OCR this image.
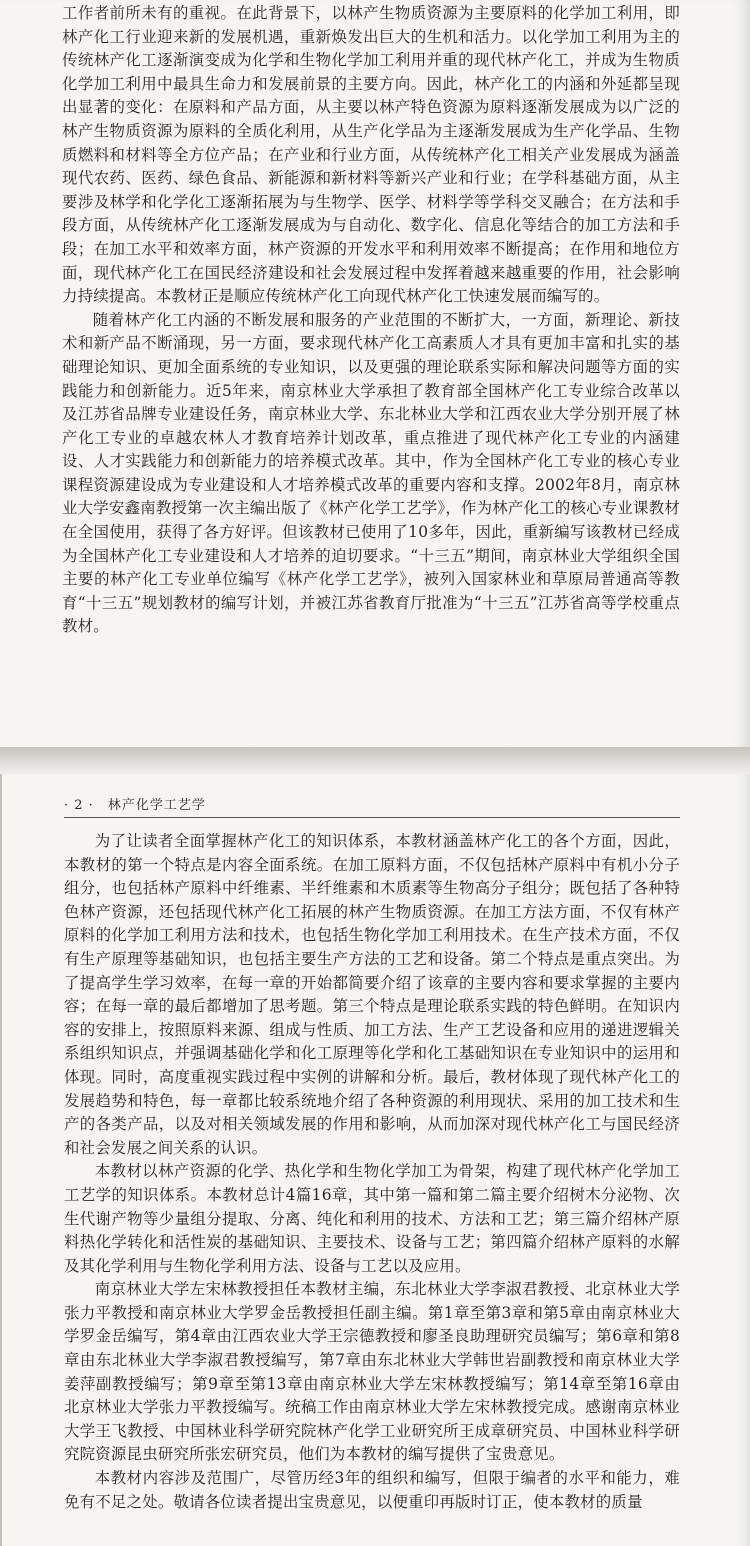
工作者前所未有的重视。在此背景下，以林产生物质资源为主要原料的化学加工利用，即林产化工行业迎来新的发展机遇，重新焕发出巨大的生机和活力。以化学加工利用为主的传统林产化工逐渐演变成为化学和生物化学加工利用并重的现代林产化工，并成为生物质化学加工利用中最具生命力和发展前景的主要方向。因此，林产化工的内涵和外延都呈现出显著的变化：在原料和产品方面，从主要以林产特色资源为原料逐渐发展成为以广泛的林产生物质资源为原料的全质化利用，从生产化学品为主逐渐发展成为生产化学品、生物质燃料和材料等全方位产品；在产业和行业方面，从传统林产化工相关产业发展成为涵盖现代农药、医药、绿色食品、新能源和新材料等新兴产业和行业；在学科基础方面，从主要涉及林学和化学化工逐渐拓展为与生物学、医学、材料学等学科交叉融合；在方法和手段方面，从传统林产化工逐渐发展成为与自动化、数字化、信息化等结合的加工方法和手段；在加工水平和效率方面，林产资源的开发水平和利用效率不断提高；在作用和地位方面，现代林产化工在国民经济建设和社会发展过程中发挥着越来越重要的作用，社会影响力持续提高。本教材正是顺应传统林产化工向现代林产化工快速发展而编写的。

随着林产化工内涵的不断发展和服务的产业范围的不断扩大，一方面，新理论、新技术和新产品不断涌现，另一方面，要求现代林产化工高素质人才具有更加丰富和扎实的基础理论知识、更加全面系统的专业知识，以及更强的理论联系实际和解决问题等方面的实践能力和创新能力。近5年来，南京林业大学承担了教育部全国林产化工专业综合改革以及江苏省品牌专业建设任务，南京林业大学、东北林业大学和江西农业大学分别开展了林产化工专业的卓越农林人才教育培养计划改革，重点推进了现代林产化工专业的内涵建设、人才实践能力和创新能力的培养模式改革。其中，作为全国林产化工专业的核心专业课程资源建设成为专业建设和人才培养模式改革的重要内容和支撑。2002年8月，南京林业大学安鑫南教授第一次主编出版了《林产化学工艺学》，作为林产化工的核心专业课教材在全国使用，获得了各方好评。但该教材已使用了10多年，因此，重新编写该教材已经成为全国林产化工专业建设和人才培养的迫切要求。“十三五”期间，南京林业大学组织全国主要的林产化工专业单位编写《林产化学工艺学》，被列入国家林业和草原局普通高等教育“十三五”规划教材的编写计划，并被江苏省教育厅批准为“十三五”江苏省高等学校重点教材。

· 2 · 林产化学工艺学

为了让读者全面掌握林产化工的知识体系，本教材涵盖林产化工的各个方面，因此，本教材的第一个特点是内容全面系统。在加工原料方面，不仅包括林产原料中有机小分子组分，也包括林产原料中纤维素、半纤维素和木质素等生物高分子组分；既包括了各种特色林产资源，还包括现代林产化工拓展的林产生物质资源。在加工方法方面，不仅有林产原料的化学加工利用方法和技术，也包括生物化学加工利用技术。在生产技术方面，不仅有生产原理等基础知识，也包括主要生产方法的工艺和设备。第二个特点是重点突出。为了提高学生学习效率，在每一章的开始都简要介绍了该章的主要内容和要求掌握的主要内容；在每一章的最后都增加了思考题。第三个特点是理论联系实践的特色鲜明。在知识内容的安排上，按照原料来源、组成与性质、加工方法、生产工艺设备和应用的递进逻辑关系组织知识点，并强调基础化学和化工原理等化学和化工基础知识在专业知识中的运用和体现。同时，高度重视实践过程中实例的讲解和分析。最后，教材体现了现代林产化工的发展趋势和特色，每一章都比较系统地介绍了各种资源的利用现状、采用的加工技术和生产的各类产品，以及对相关领域发展的作用和影响，从而加深对现代林产化工与国民经济和社会发展之间关系的认识。

本教材以林产资源的化学、热化学和生物化学加工为骨架，构建了现代林产化学加工工艺学的知识体系。本教材总计4篇16章，其中第一篇和第二篇主要介绍树木分泌物、次生代谢产物等少量组分提取、分离、纯化和利用的技术、方法和工艺；第三篇介绍林产原料热化学转化和活性炭的基础知识、主要技术、设备与工艺；第四篇介绍林产原料的水解及其化学利用与生物化学利用方法、设备与工艺以及应用。

南京林业大学左宋林教授担任本教材主编，东北林业大学李淑君教授、北京林业大学张力平教授和南京林业大学罗金岳教授担任副主编。第1章至第3章和第5章由南京林业大学罗金岳编写，第4章由江西农业大学王宗德教授和廖圣良助理研究员编写；第6章和第8章由东北林业大学李淑君教授编写，第7章由东北林业大学韩世岩副教授和南京林业大学姜萍副教授编写；第9章至第13章由南京林业大学左宋林教授编写；第14章至第16章由北京林业大学张力平教授编写。统稿工作由南京林业大学左宋林教授完成。感谢南京林业大学王飞教授、中国林业科学研究院林产化学工业研究所王成章研究员、中国林业科学研究院资源昆虫研究所张宏研究员，他们为本教材的编写提供了宝贵意见。

本教材内容涉及范围广，尽管历经3年的组织和编写，但限于编者的水平和能力，难免有不足之处。敬请各位读者提出宝贵意见，以便重印再版时订正，使本教材的质量
